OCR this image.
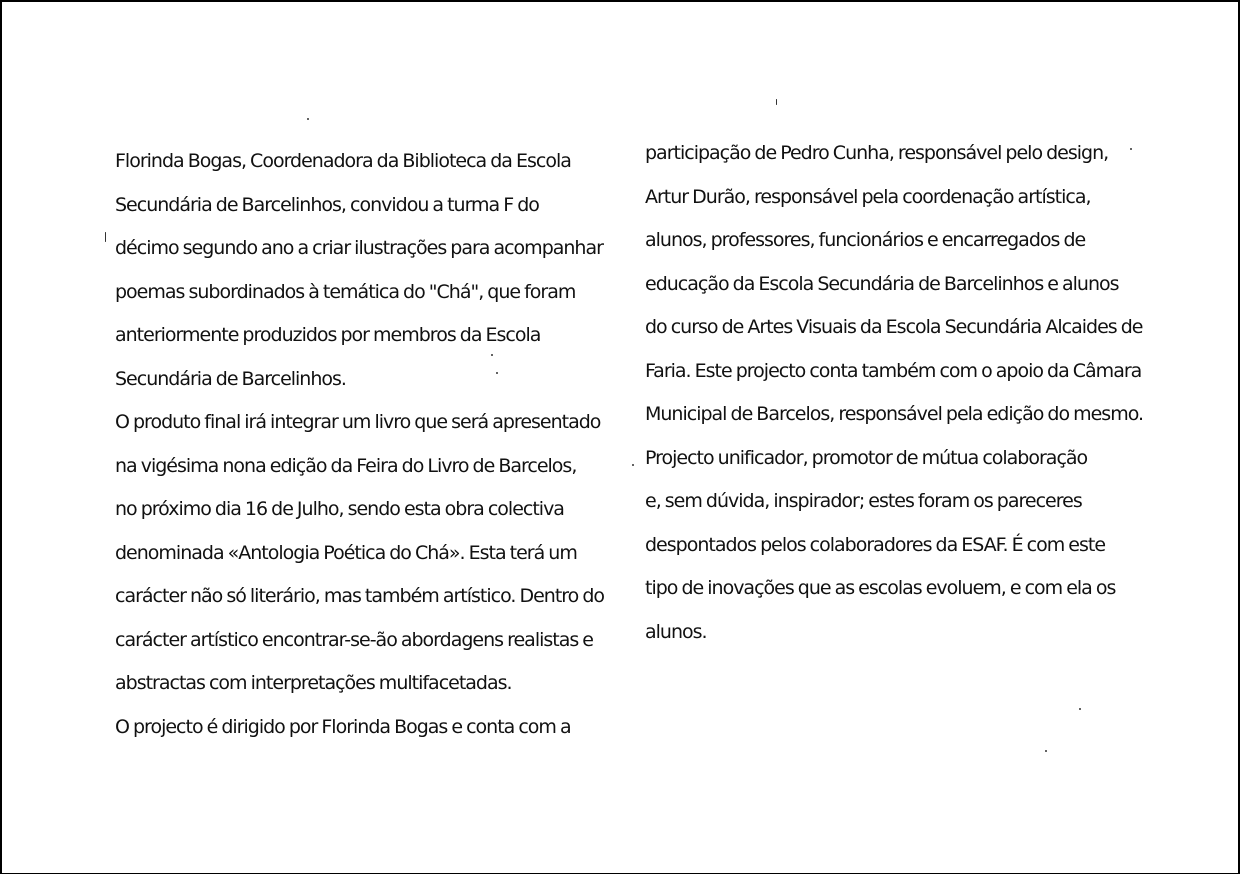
Florinda Bogas, Coordenadora da Biblioteca da Escola
Secundária de Barcelinhos, convidou a turma F do
décimo segundo ano a criar ilustrações para acompanhar
poemas subordinados à temática do "Chá", que foram
anteriormente produzidos por membros da Escola
Secundária de Barcelinhos.
O produto final irá integrar um livro que será apresentado
na vigésima nona edição da Feira do Livro de Barcelos,
no próximo dia 16 de Julho, sendo esta obra colectiva
denominada «Antologia Poética do Chá». Esta terá um
carácter não só literário, mas também artístico. Dentro do
carácter artístico encontrar-se-ão abordagens realistas e
abstractas com interpretações multifacetadas.
O projecto é dirigido por Florinda Bogas e conta com a
participação de Pedro Cunha, responsável pelo design,
Artur Durão, responsável pela coordenação artística,
alunos, professores, funcionários e encarregados de
educação da Escola Secundária de Barcelinhos e alunos
do curso de Artes Visuais da Escola Secundária Alcaides de
Faria. Este projecto conta também com o apoio da Câmara
Municipal de Barcelos, responsável pela edição do mesmo.
Projecto unificador, promotor de mútua colaboração
e, sem dúvida, inspirador; estes foram os pareceres
despontados pelos colaboradores da ESAF. É com este
tipo de inovações que as escolas evoluem, e com ela os
alunos.
